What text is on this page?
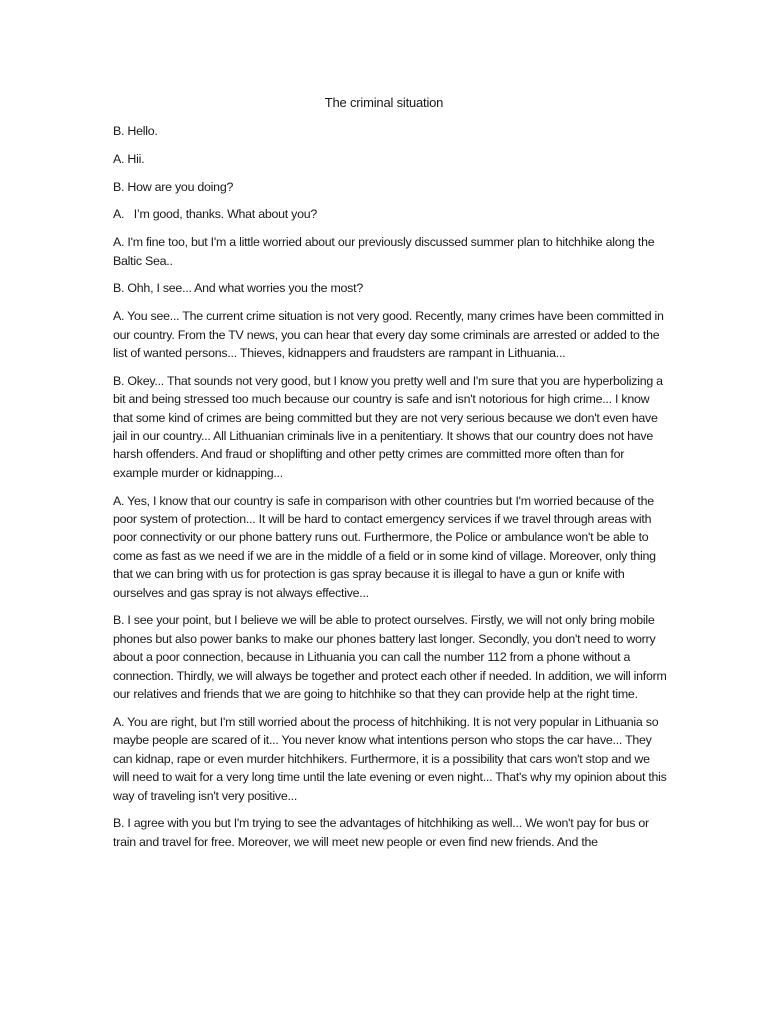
The criminal situation

B. Hello.

A. Hii.

B. How are you doing?

A.   I’m good, thanks. What about you?

A. I'm fine too, but I'm a little worried about our previously discussed summer plan to hitchhike along the Baltic Sea..

B. Ohh, I see... And what worries you the most?

A. You see... The current crime situation is not very good. Recently, many crimes have been committed in our country. From the TV news, you can hear that every day some criminals are arrested or added to the list of wanted persons... Thieves, kidnappers and fraudsters are rampant in Lithuania...

B. Okey... That sounds not very good, but I know you pretty well and I'm sure that you are hyperbolizing a bit and being stressed too much because our country is safe and isn't notorious for high crime... I know that some kind of crimes are being committed but they are not very serious because we don't even have jail in our country... All Lithuanian criminals live in a penitentiary. It shows that our country does not have harsh offenders. And fraud or shoplifting and other petty crimes are committed more often than for example murder or kidnapping...

A. Yes, I know that our country is safe in comparison with other countries but I'm worried because of the poor system of protection... It will be hard to contact emergency services if we travel through areas with poor connectivity or our phone battery runs out. Furthermore, the Police or ambulance won't be able to come as fast as we need if we are in the middle of a field or in some kind of village. Moreover, only thing that we can bring with us for protection is gas spray because it is illegal to have a gun or knife with ourselves and gas spray is not always effective...

B. I see your point, but I believe we will be able to protect ourselves. Firstly, we will not only bring mobile phones but also power banks to make our phones battery last longer. Secondly, you don't need to worry about a poor connection, because in Lithuania you can call the number 112 from a phone without a connection. Thirdly, we will always be together and protect each other if needed. In addition, we will inform our relatives and friends that we are going to hitchhike so that they can provide help at the right time.

A. You are right, but I'm still worried about the process of hitchhiking. It is not very popular in Lithuania so maybe people are scared of it... You never know what intentions person who stops the car have... They can kidnap, rape or even murder hitchhikers. Furthermore, it is a possibility that cars won't stop and we will need to wait for a very long time until the late evening or even night... That's why my opinion about this way of traveling isn't very positive...

B. I agree with you but I'm trying to see the advantages of hitchhiking as well... We won't pay for bus or train and travel for free. Moreover, we will meet new people or even find new friends. And the
